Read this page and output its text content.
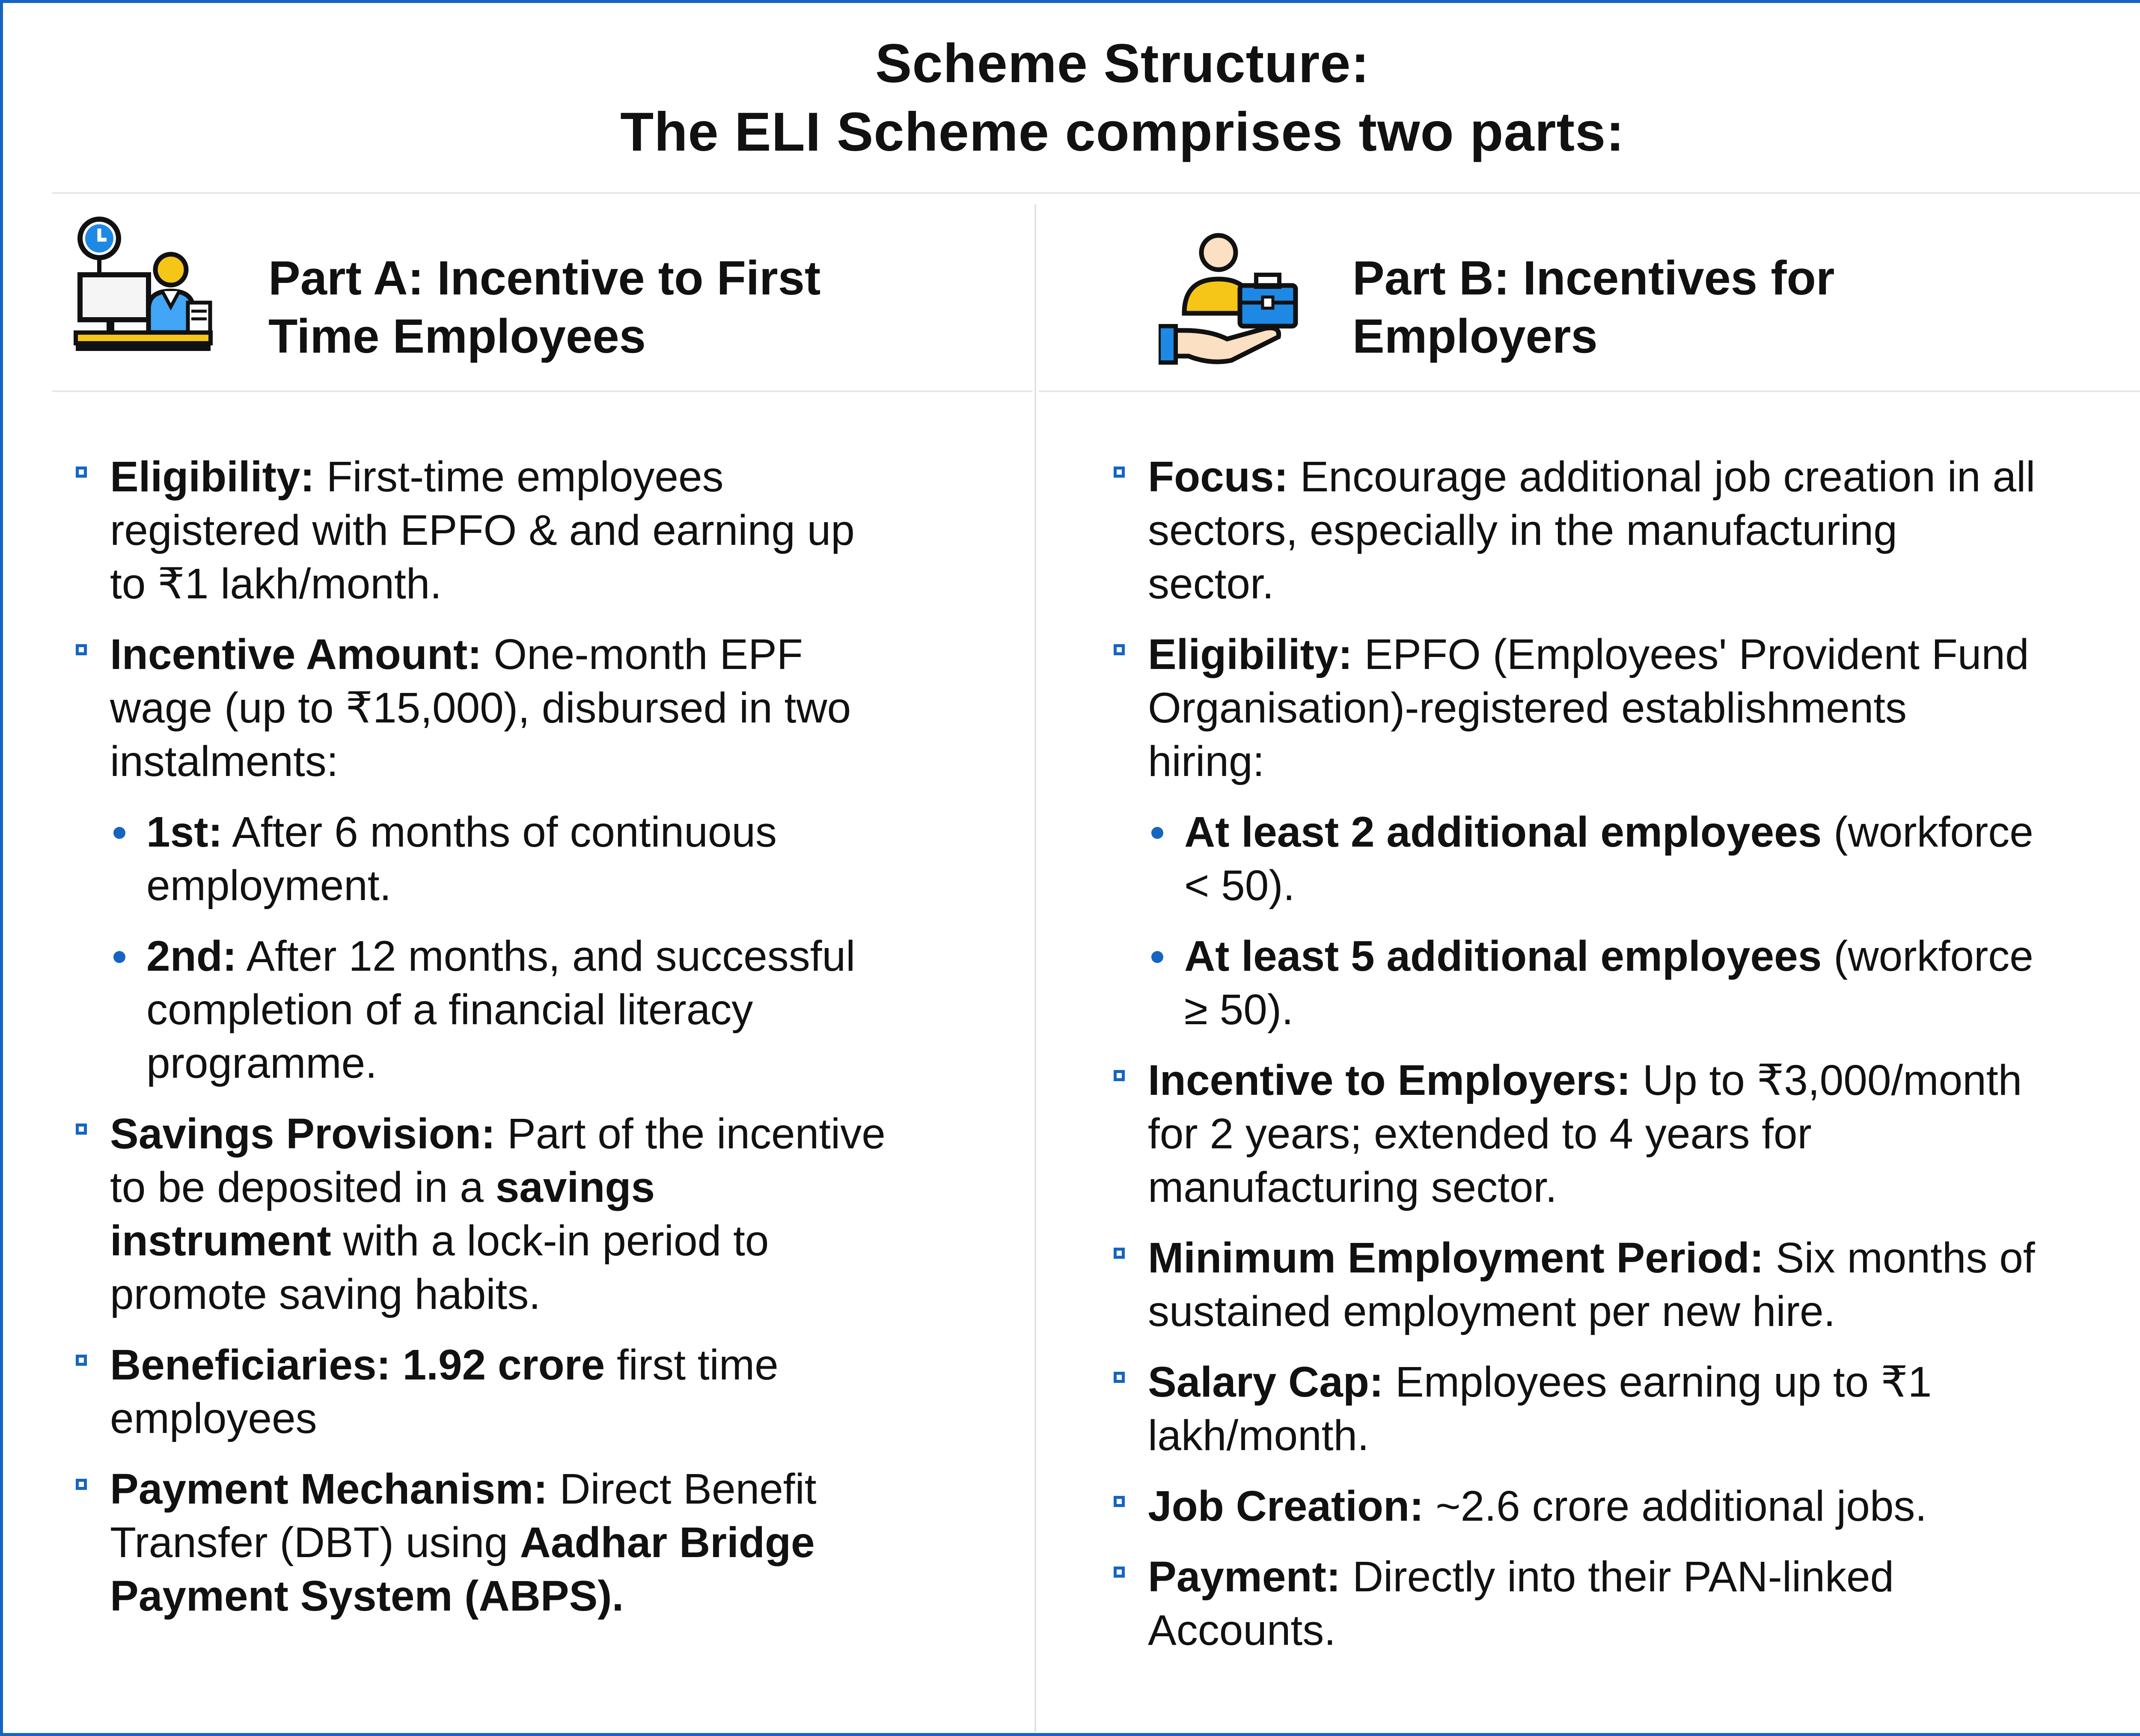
Scheme Structure:
The ELI Scheme comprises two parts:
Part A: Incentive to First
Time Employees
Part B: Incentives for
Employers
Eligibility: First-time employees
registered with EPFO & and earning up
to ₹1 lakh/month.
Incentive Amount: One-month EPF
wage (up to ₹15,000), disbursed in two
instalments:
1st: After 6 months of continuous
employment.
2nd: After 12 months, and successful
completion of a financial literacy
programme.
Savings Provision: Part of the incentive
to be deposited in a savings
instrument with a lock-in period to
promote saving habits.
Beneficiaries: 1.92 crore first time
employees
Payment Mechanism: Direct Benefit
Transfer (DBT) using Aadhar Bridge
Payment System (ABPS).
Focus: Encourage additional job creation in all
sectors, especially in the manufacturing
sector.
Eligibility: EPFO (Employees' Provident Fund
Organisation)-registered establishments
hiring:
At least 2 additional employees (workforce
< 50).
At least 5 additional employees (workforce
≥ 50).
Incentive to Employers: Up to ₹3,000/month
for 2 years; extended to 4 years for
manufacturing sector.
Minimum Employment Period: Six months of
sustained employment per new hire.
Salary Cap: Employees earning up to ₹1
lakh/month.
Job Creation: ~2.6 crore additional jobs.
Payment: Directly into their PAN-linked
Accounts.
